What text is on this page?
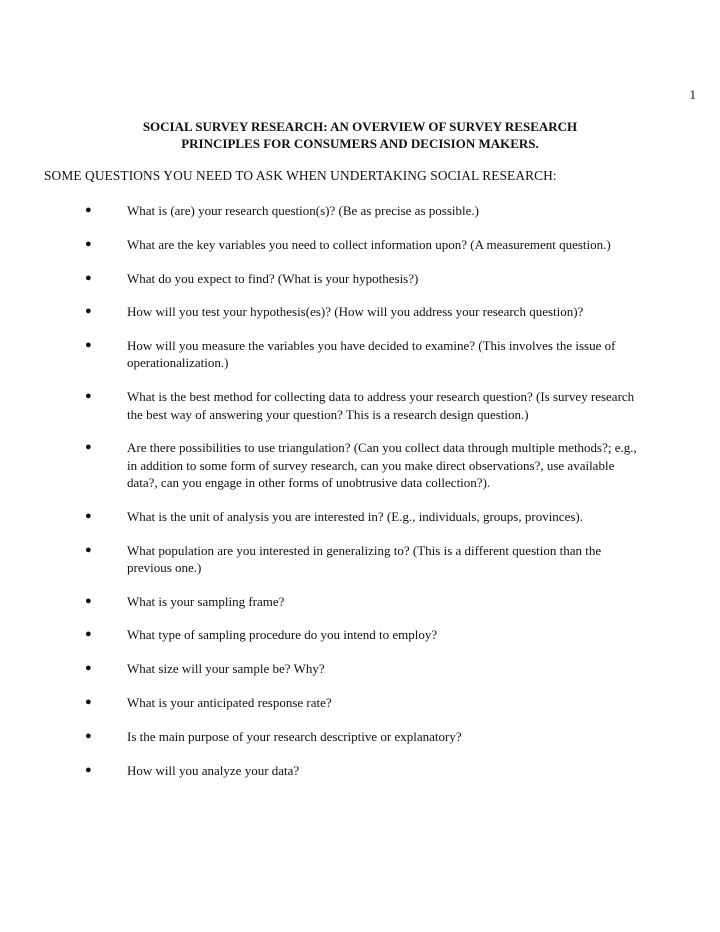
1
SOCIAL SURVEY RESEARCH: AN OVERVIEW OF SURVEY RESEARCH
PRINCIPLES FOR CONSUMERS AND DECISION MAKERS.
SOME QUESTIONS YOU NEED TO ASK WHEN UNDERTAKING SOCIAL RESEARCH:
●	What is (are) your research question(s)? (Be as precise as possible.)
●	What are the key variables you need to collect information upon? (A measurement question.)
●	What do you expect to find? (What is your hypothesis?)
●	How will you test your hypothesis(es)? (How will you address your research question)?
●	How will you measure the variables you have decided to examine? (This involves the issue of operationalization.)
●	What is the best method for collecting data to address your research question? (Is survey research the best way of answering your question? This is a research design question.)
●	Are there possibilities to use triangulation? (Can you collect data through multiple methods?; e.g., in addition to some form of survey research, can you make direct observations?, use available data?, can you engage in other forms of unobtrusive data collection?).
●	What is the unit of analysis you are interested in? (E.g., individuals, groups, provinces).
●	What population are you interested in generalizing to? (This is a different question than the previous one.)
●	What is your sampling frame?
●	What type of sampling procedure do you intend to employ?
●	What size will your sample be? Why?
●	What is your anticipated response rate?
●	Is the main purpose of your research descriptive or explanatory?
●	How will you analyze your data?
